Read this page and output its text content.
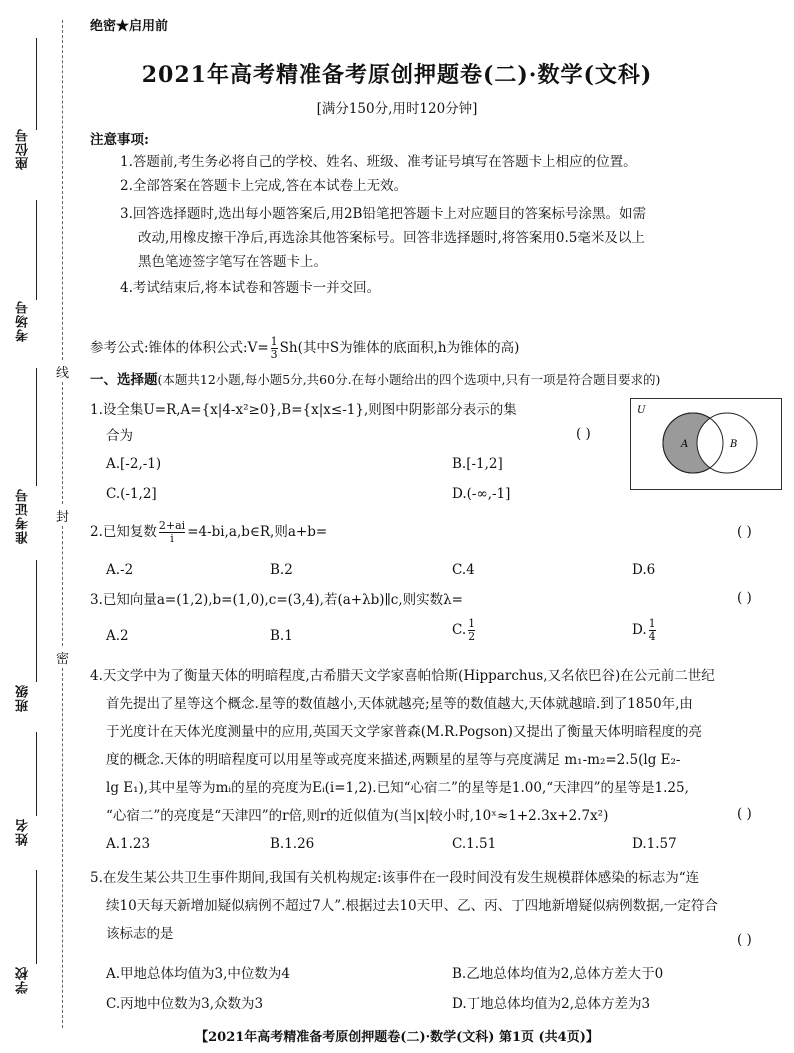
座位号
考场号
准考证号
班级
姓名
学校
线
封
密
绝密★启用前
2021年高考精准备考原创押题卷(二)·数学(文科)
[满分150分,用时120分钟]
注意事项:
1.答题前,考生务必将自己的学校、姓名、班级、准考证号填写在答题卡上相应的位置。
2.全部答案在答题卡上完成,答在本试卷上无效。
3.回答选择题时,选出每小题答案后,用2B铅笔把答题卡上对应题目的答案标号涂黑。如需
改动,用橡皮擦干净后,再选涂其他答案标号。回答非选择题时,将答案用0.5毫米及以上
黑色笔迹签字笔写在答题卡上。
4.考试结束后,将本试卷和答题卡一并交回。
参考公式:锥体的体积公式:V= $\frac{1}{3} Sh$(其中S为锥体的底面积,h为锥体的高)
一、选择题(本题共12小题,每小题5分,共60分.在每小题给出的四个选项中,只有一项是符合题目要求的)
1.设全集U=R,A={x|4-x²≥0},B={x|x≤-1},则图中阴影部分表示的集
合为	( )
A.[-2,-1)	B.[-1,2]
C.(-1,2]	D.(-∞,-1]
U
A	B
2.已知复数 $\frac{2+ai}{i}$ =4-bi,a,b∈R,则a+b=	( )
A.-2	B.2	C.4	D.6
3.已知向量a=(1,2),b=(1,0),c=(3,4),若(a+λb)∥c,则实数λ=	( )
A.2	B.1	C. $\frac{1}{2}$	D. $\frac{1}{4}$
4.天文学中为了衡量天体的明暗程度,古希腊天文学家喜帕恰斯(Hipparchus,又名依巴谷)在公元前二世纪
首先提出了星等这个概念.星等的数值越小,天体就越亮;星等的数值越大,天体就越暗.到了1850年,由
于光度计在天体光度测量中的应用,英国天文学家普森(M.R.Pogson)又提出了衡量天体明暗程度的亮
度的概念.天体的明暗程度可以用星等或亮度来描述,两颗星的星等与亮度满足 m₁-m₂=2.5(lg E₂-
lg E₁),其中星等为mᵢ的星的亮度为Eᵢ(i=1,2).已知“心宿二”的星等是1.00,“天津四”的星等是1.25,
“心宿二”的亮度是“天津四”的r倍,则r的近似值为(当|x|较小时,10ˣ≈1+2.3x+2.7x²)	( )
A.1.23	B.1.26	C.1.51	D.1.57
5.在发生某公共卫生事件期间,我国有关机构规定:该事件在一段时间没有发生规模群体感染的标志为“连
续10天每天新增加疑似病例不超过7人”.根据过去10天甲、乙、丙、丁四地新增疑似病例数据,一定符合
该标志的是	( )
A.甲地总体均值为3,中位数为4	B.乙地总体均值为2,总体方差大于0
C.丙地中位数为3,众数为3	D.丁地总体均值为2,总体方差为3
【2021年高考精准备考原创押题卷(二)·数学(文科) 第1页 (共4页)】
